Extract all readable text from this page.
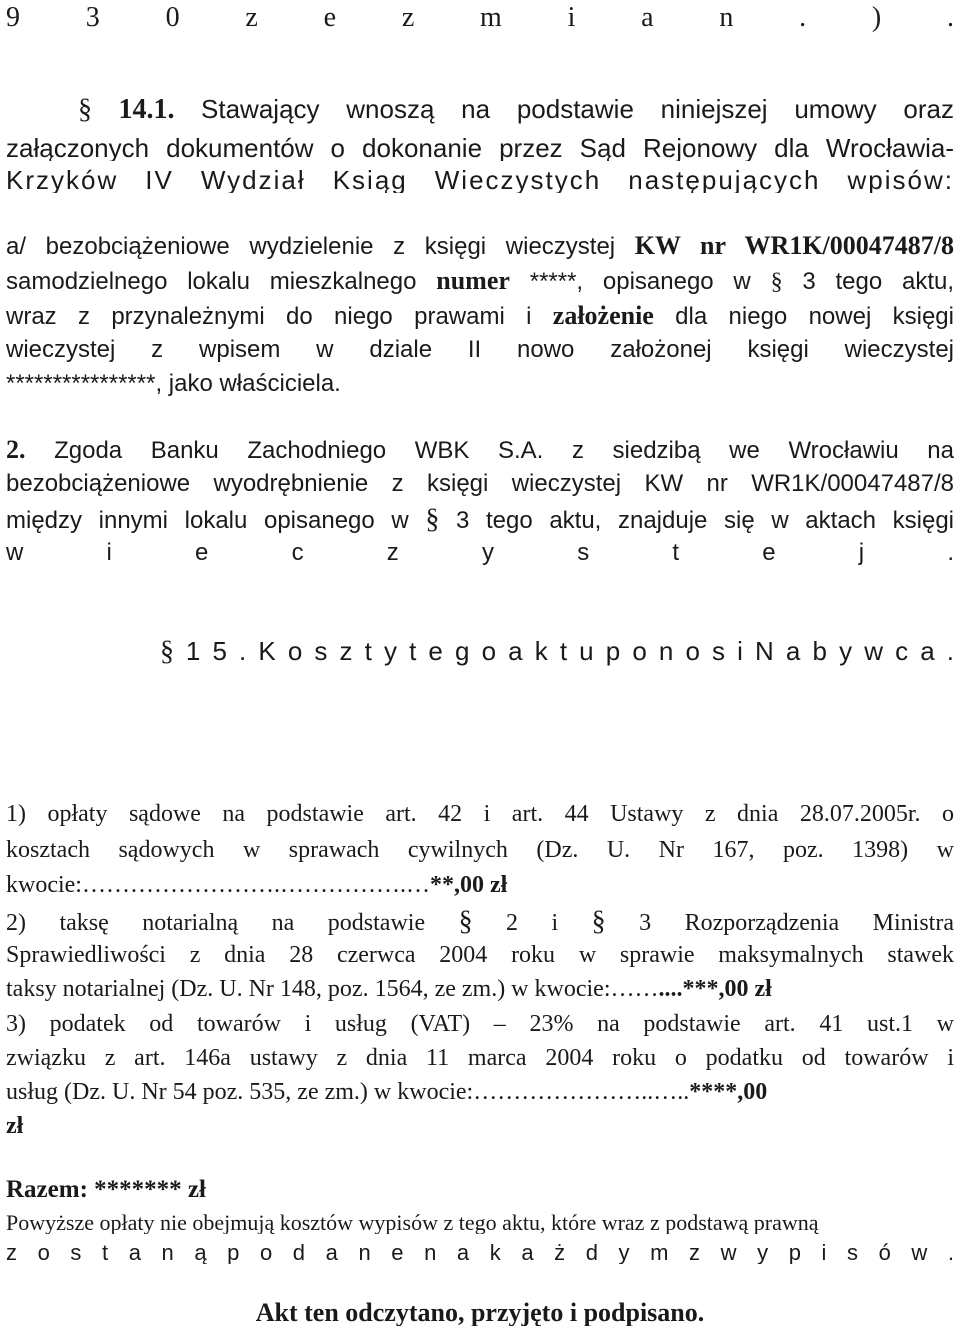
9 3 0 z e z m i a n . ) .
§ 14.1. Stawający wnoszą na podstawie niniejszej umowy oraz
załączonych dokumentów o dokonanie przez Sąd Rejonowy dla Wrocławia-
Krzyków IV Wydział Ksiąg Wieczystych następujących wpisów:
a/ bezobciążeniowe wydzielenie z księgi wieczystej KW nr WR1K/00047487/8
samodzielnego lokalu mieszkalnego numer *****, opisanego w § 3 tego aktu,
wraz z przynależnymi do niego prawami i założenie dla niego nowej księgi
wieczystej z wpisem w dziale II nowo założonej księgi wieczystej
****************, jako właściciela.
2. Zgoda Banku Zachodniego WBK S.A. z siedzibą we Wrocławiu na
bezobciążeniowe wyodrębnienie z księgi wieczystej KW nr WR1K/00047487/8
między innymi lokalu opisanego w § 3 tego aktu, znajduje się w aktach księgi
w i e c z y s t e j .
§ 1 5 . K o s z t y t e g o a k t u p o n o s i N a b y w c a .
1) opłaty sądowe na podstawie art. 42 i art. 44 Ustawy z dnia 28.07.2005r. o
kosztach sądowych w sprawach cywilnych (Dz. U. Nr 167, poz. 1398) w
kwocie:…………………….…………….…**,00 zł
2) taksę notarialną na podstawie § 2 i § 3 Rozporządzenia Ministra
Sprawiedliwości z dnia 28 czerwca 2004 roku w sprawie maksymalnych stawek
taksy notarialnej (Dz. U. Nr 148, poz. 1564, ze zm.) w kwocie:……....***,00 zł
3) podatek od towarów i usług (VAT) – 23% na podstawie art. 41 ust.1 w
związku z art. 146a ustawy z dnia 11 marca 2004 roku o podatku od towarów i
usług (Dz. U. Nr 54 poz. 535, ze zm.) w kwocie:…………………..…..****,00
zł
Razem: ******* zł
Powyższe opłaty nie obejmują kosztów wypisów z tego aktu, które wraz z podstawą prawną
z o s t a n ą p o d a n e n a k a ż d y m z w y p i s ó w .
Akt ten odczytano, przyjęto i podpisano.
